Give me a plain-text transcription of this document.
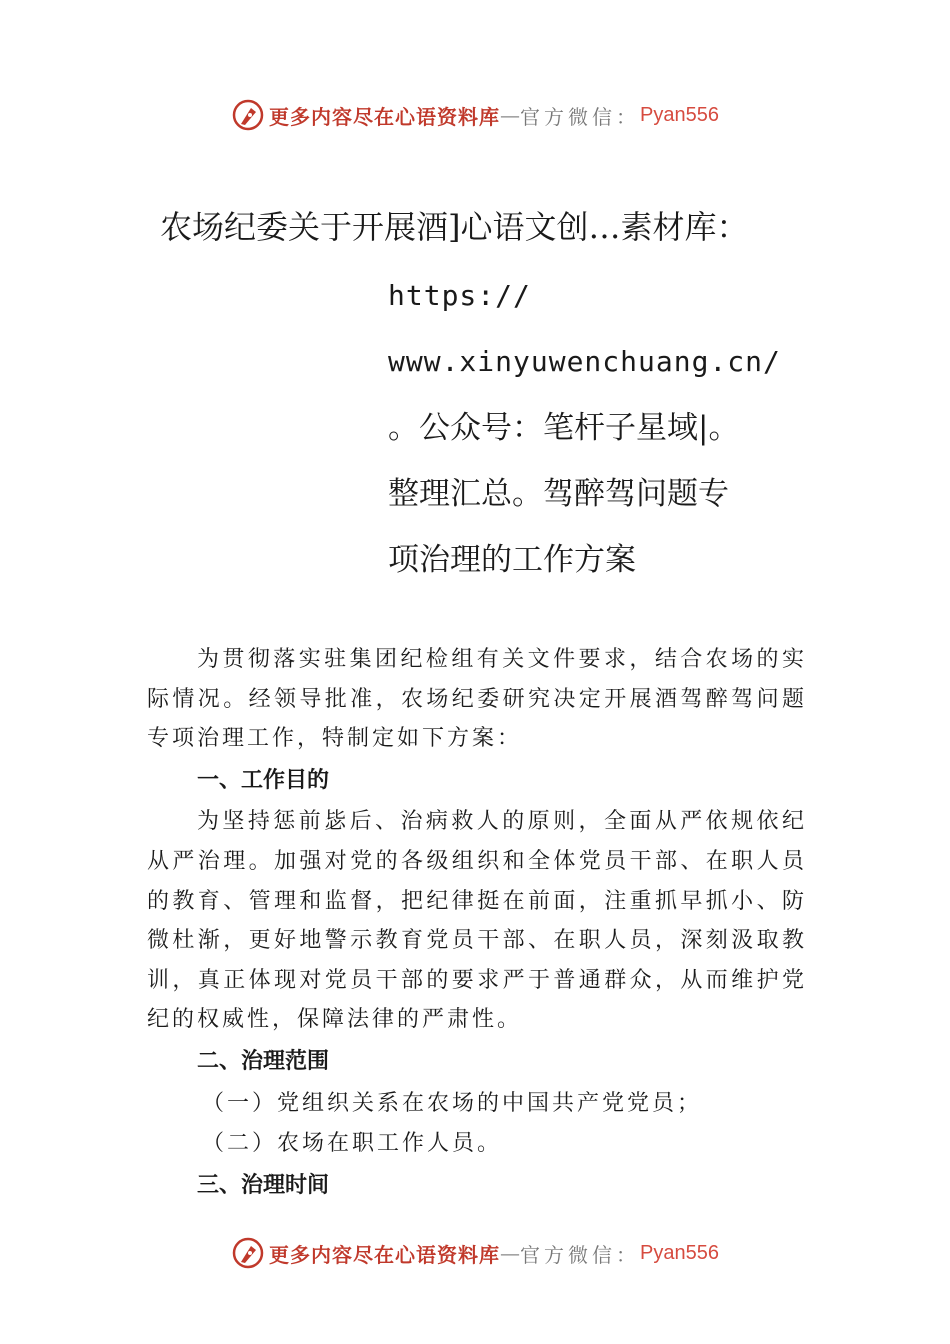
更多内容尽在心语资料库 — 官方微信： Pyan556
农场纪委关于开展酒]心语文创…素材库：
https://
www.xinyuwenchuang.cn/
。公众号：笔杆子星域|。
整理汇总。驾醉驾问题专
项治理的工作方案

为贯彻落实驻集团纪检组有关文件要求，结合农场的实际情况。经领导批准，农场纪委研究决定开展酒驾醉驾问题专项治理工作，特制定如下方案：

一、工作目的

为坚持惩前毖后、治病救人的原则，全面从严依规依纪从严治理。加强对党的各级组织和全体党员干部、在职人员的教育、管理和监督，把纪律挺在前面，注重抓早抓小、防微杜渐，更好地警示教育党员干部、在职人员，深刻汲取教训，真正体现对党员干部的要求严于普通群众，从而维护党纪的权威性，保障法律的严肃性。

二、治理范围

（一）党组织关系在农场的中国共产党党员；

（二）农场在职工作人员。

三、治理时间
更多内容尽在心语资料库 — 官方微信： Pyan556
